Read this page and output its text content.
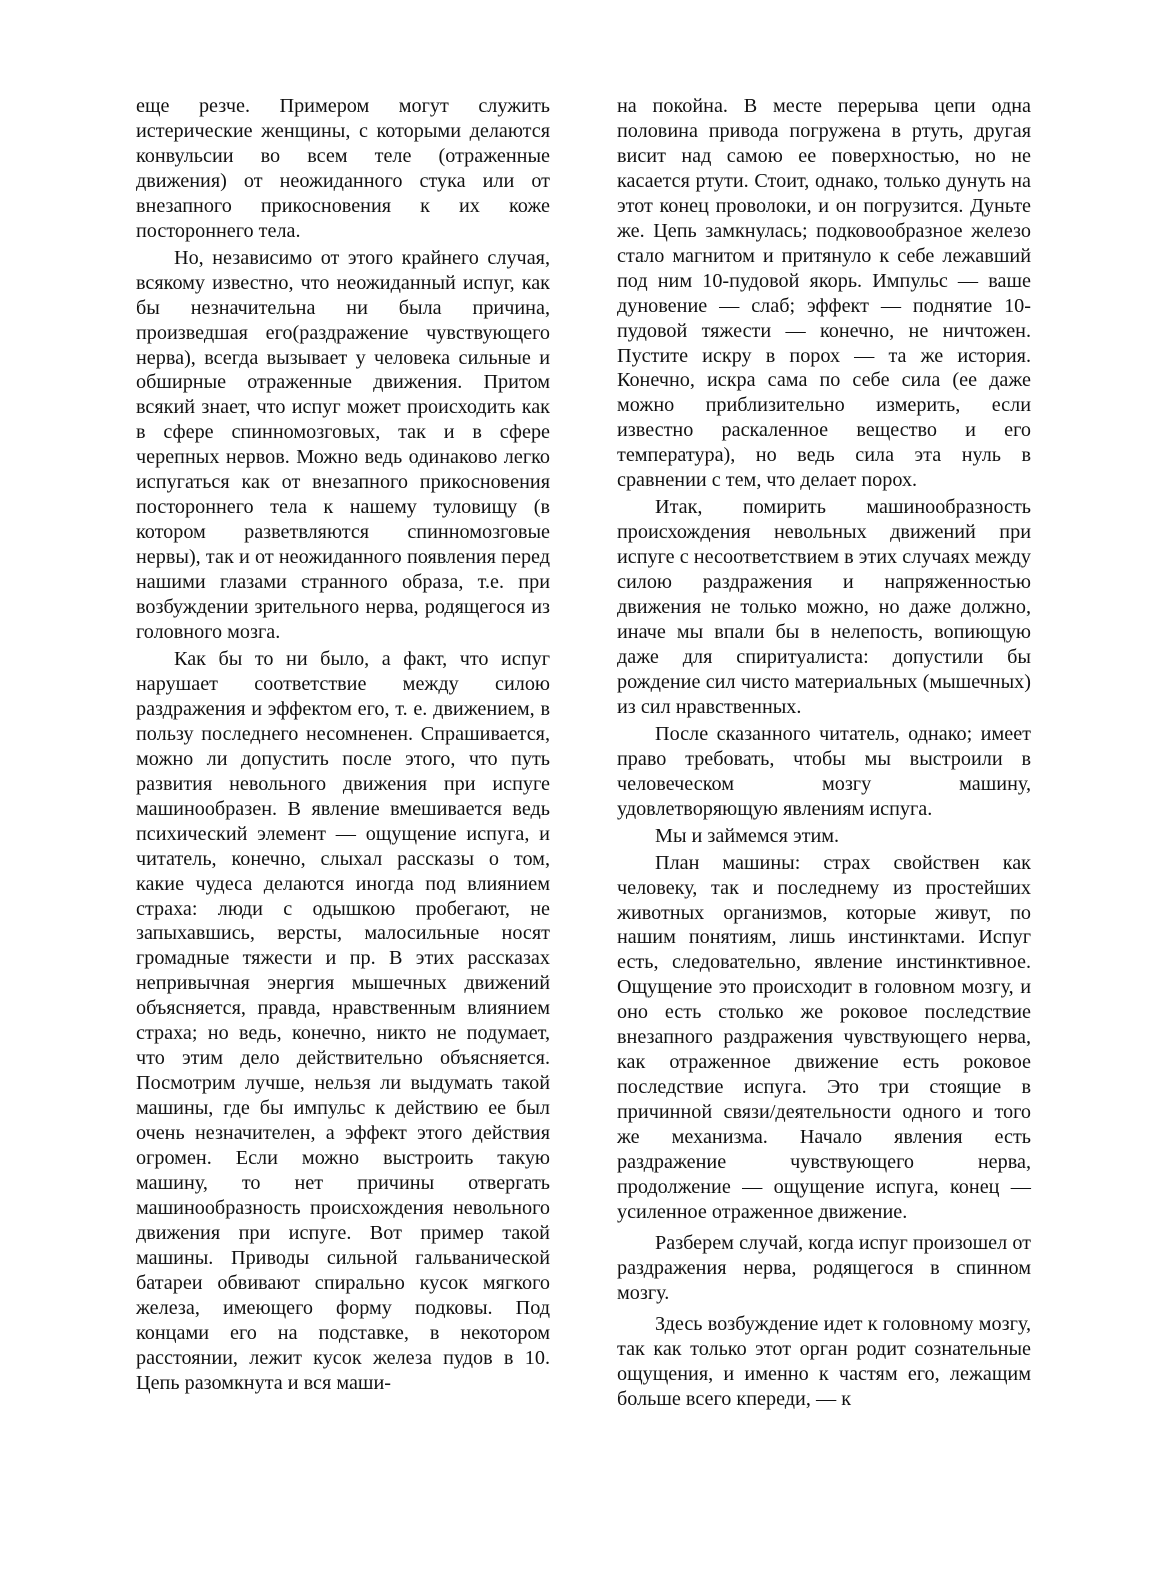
еще резче. Примером могут служить истерические женщины, с которыми делаются конвульсии во всем теле (отраженные движения) от неожиданного стука или от внезапного прикосновения к их коже постороннего тела.

Но, независимо от этого крайнего случая, всякому известно, что неожиданный испуг, как бы незначительна ни была причина, произведшая его(раздражение чувствующего нерва), всегда вызывает у человека сильные и обширные отраженные движения. Притом всякий знает, что испуг может происходить как в сфере спинномозговых, так и в сфере черепных нервов. Можно ведь одинаково легко испугаться как от внезапного прикосновения постороннего тела к нашему туловищу (в котором разветвляются спинномозговые нервы), так и от неожиданного появления перед нашими глазами странного образа, т.е. при возбуждении зрительного нерва, родящегося из головного мозга.

Как бы то ни было, а факт, что испуг нарушает соответствие между силою раздражения и эффектом его, т. е. движением, в пользу последнего несомненен. Спрашивается, можно ли допустить после этого, что путь развития невольного движения при испуге машинообразен. В явление вмешивается ведь психический элемент — ощущение испуга, и читатель, конечно, слыхал рассказы о том, какие чудеса делаются иногда под влиянием страха: люди с одышкою пробегают, не запыхавшись, версты, малосильные носят громадные тяжести и пр. В этих рассказах непривычная энергия мышечных движений объясняется, правда, нравственным влиянием страха; но ведь, конечно, никто не подумает, что этим дело действительно объясняется. Посмотрим лучше, нельзя ли выдумать такой машины, где бы импульс к действию ее был очень незначителен, а эффект этого действия огромен. Если можно выстроить такую машину, то нет причины отвергать машинообразность происхождения невольного движения при испуге. Вот пример такой машины. Приводы сильной гальванической батареи обвивают спирально кусок мягкого железа, имеющего форму подковы. Под концами его на подставке, в некотором расстоянии, лежит кусок железа пудов в 10. Цепь разомкнута и вся маши-

на покойна. В месте перерыва цепи одна половина привода погружена в ртуть, другая висит над самою ее поверхностью, но не касается ртути. Стоит, однако, только дунуть на этот конец проволоки, и он погрузится. Дуньте же. Цепь замкнулась; подковообразное железо стало магнитом и притянуло к себе лежавший под ним 10-пудовой якорь. Импульс — ваше дуновение — слаб; эффект — поднятие 10-пудовой тяжести — конечно, не ничтожен. Пустите искру в порох — та же история. Конечно, искра сама по себе сила (ее даже можно приблизительно измерить, если известно раскаленное вещество и его температура), но ведь сила эта нуль в сравнении с тем, что делает порох.

Итак, помирить машинообразность происхождения невольных движений при испуге с несоответствием в этих случаях между силою раздражения и напряженностью движения не только можно, но даже должно, иначе мы впали бы в нелепость, вопиющую даже для спиритуалиста: допустили бы рождение сил чисто материальных (мышечных) из сил нравственных.

После сказанного читатель, однако; имеет право требовать, чтобы мы выстроили в человеческом мозгу машину, удовлетворяющую явлениям испуга.

Мы и займемся этим.

План машины: страх свойствен как человеку, так и последнему из простейших животных организмов, которые живут, по нашим понятиям, лишь инстинктами. Испуг есть, следовательно, явление инстинктивное. Ощущение это происходит в головном мозгу, и оно есть столько же роковое последствие внезапного раздражения чувствующего нерва, как отраженное движение есть роковое последствие испуга. Это три стоящие в причинной связи/деятельности одного и того же механизма. Начало явления есть раздражение чувствующего нерва, продолжение — ощущение испуга, конец — усиленное отраженное движение.

Разберем случай, когда испуг произошел от раздражения нерва, родящегося в спинном мозгу.

Здесь возбуждение идет к головному мозгу, так как только этот орган родит сознательные ощущения, и именно к частям его, лежащим больше всего кпереди, — к
